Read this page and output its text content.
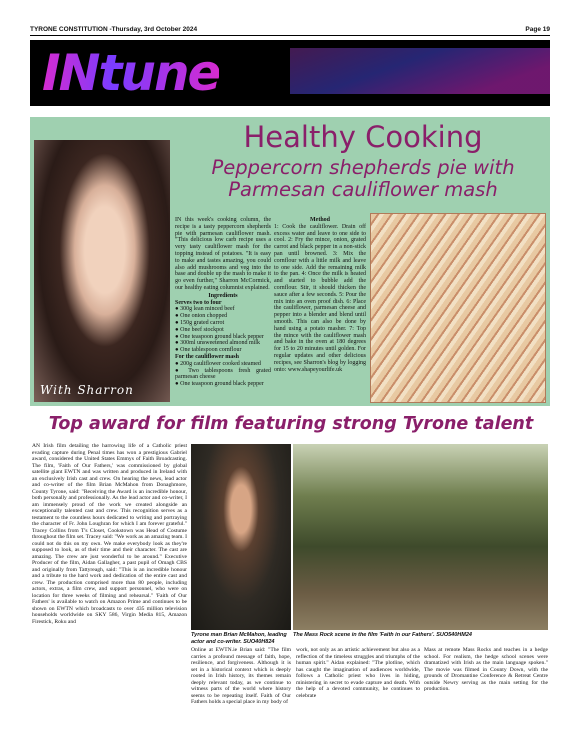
TYRONE CONSTITUTION -Thursday, 3rd October 2024	Page 19
INtune
With Sharron
Healthy Cooking
Peppercorn shepherds pie with Parmesan cauliflower mash

IN this week's cooking column, the recipe is a tasty peppercorn shepherds pie with parmesan cauliflower mash. "This delicious low carb recipe uses a very tasty cauliflower mash for the topping instead of potatoes. "It is easy to make and tastes amazing, you could also add mushrooms and veg into the base and double up the mash to make it go even further," Sharron McCormick, our healthy eating columnist explained.

Ingredients

Serves two to four

● 300g lean minced beef

● One onion chopped

● 150g grated carrot

● One beef stockpot

● One teaspoon ground black pepper

● 300ml unsweetened almond milk

● One tablespoon cornflour

For the cauliflower mash

● 200g cauliflower cooked steamed

● Two tablespoons fresh grated parmesan cheese

● One teaspoon ground black pepper

Method

1: Cook the cauliflower. Drain off excess water and leave to one side to cool. 2: Fry the mince, onion, grated carrot and black pepper in a non-stick pan until browned. 3: Mix the cornflour with a little milk and leave to one side. Add the remaining milk to the pan. 4: Once the milk is heated and started to bubble add the cornflour. Stir, it should thicken the sauce after a few seconds. 5: Pour the mix into an oven proof dish. 6: Place the cauliflower, parmesan cheese and pepper into a blender and blend until smooth. This can also be done by hand using a potato masher. 7: Top the mince with the cauliflower mash and bake in the oven at 180 degrees for 15 to 20 minutes until golden. For regular updates and other delicious recipes, see Sharron's blog by logging onto: www.shapeyourlife.uk

Top award for film featuring strong Tyrone talent
AN Irish film detailing the harrowing life of a Catholic priest evading capture during Penal times has won a prestigious Gabriel award, considered the United States Emmys of Faith Broadcasting. The film, 'Faith of Our Fathers,' was commissioned by global satellite giant EWTN and was written and produced in Ireland with an exclusively Irish cast and crew. On hearing the news, lead actor and co-writer of the film Brian McMahon from Donaghmore, County Tyrone, said: "Receiving the Award is an incredible honour, both personally and professionally. As the lead actor and co-writer, I am immensely proud of the work we created alongside an exceptionally talented cast and crew. This recognition serves as a testament to the countless hours dedicated to writing and portraying the character of Fr. John Loughran for which I am forever grateful." Tracey Collins from T's Closet, Cookstown was Head of Costume throughout the film set. Tracey said: "We work as an amazing team. I could not do this on my own. We make everybody look as they're supposed to look, as of their time and their character. The cast are amazing. The crew are just wonderful to be around." Executive Producer of the film, Aidan Gallagher, a past pupil of Omagh CBS and originally from Tattyreagh, said: "This is an incredible honour and a tribute to the hard work and dedication of the entire cast and crew. The production comprised more than 80 people, including actors, extras, a film crew, and support personnel, who were on location for three weeks of filming and rehearsal." 'Faith of Our Fathers' is available to watch on Amazon Prime and continues to be shown on EWTN which broadcasts to over 435 million television households worldwide on SKY 586, Virgin Media 815, Amazon Firestick, Roku and
Tyrone man Brian McMahon, leading actor and co-writer. SUO40H824
The Mass Rock scene in the film 'Faith in our Fathers'. SUO540HM24
Online at EWTN.ie Brian said: "The film carries a profound message of faith, hope, resilience, and forgiveness. Although it is set in a historical context which is deeply rooted in Irish history, its themes remain deeply relevant today, as we continue to witness parts of the world where history seems to be repeating itself. Faith of Our Fathers holds a special place in my body of
work, not only as an artistic achievement but also as a reflection of the timeless struggles and triumphs of the human spirit." Aidan explained: "The plotline, which has caught the imagination of audiences worldwide, follows a Catholic priest who lives in hiding, ministering in secret to evade capture and death. With the help of a devoted community, he continues to celebrate
Mass at remote Mass Rocks and teaches in a hedge school. For realism, the hedge school scenes were dramatized with Irish as the main language spoken." The movie was filmed in County Down, with the grounds of Dromantine Conference & Retreat Centre outside Newry serving as the main setting for the production.
